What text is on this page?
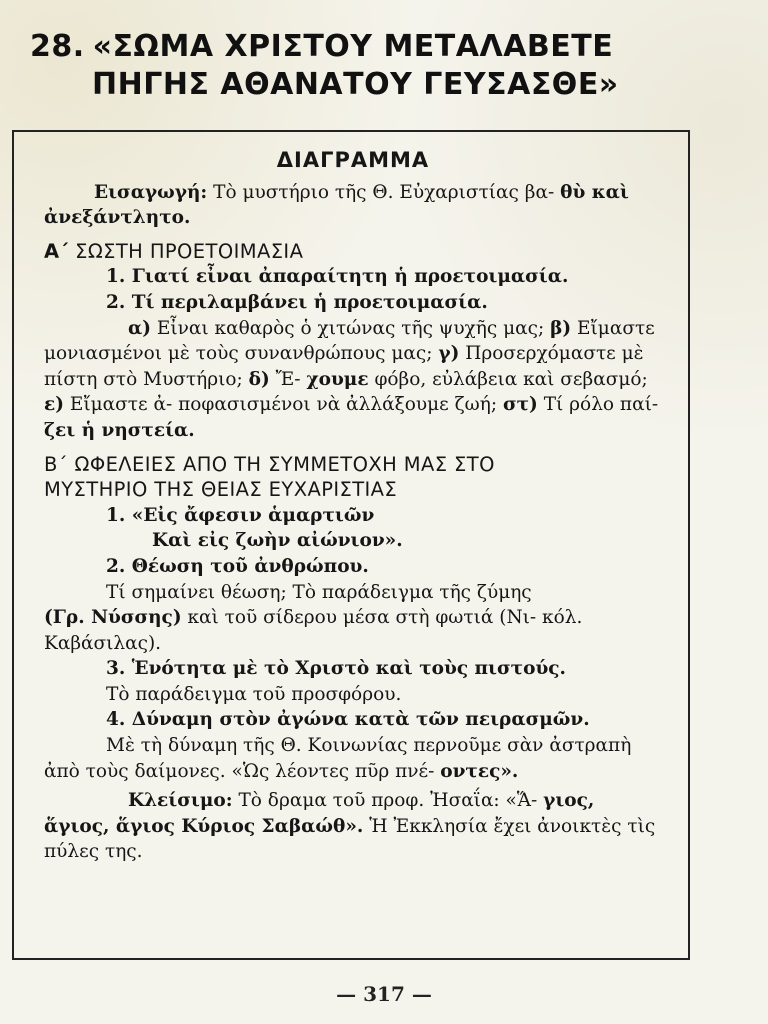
28. «ΣΩΜΑ ΧΡΙΣΤΟΥ ΜΕΤΑΛΑΒΕΤΕ
ΠΗΓΗΣ ΑΘΑΝΑΤΟΥ ΓΕΥΣΑΣΘΕ»

ΔΙΑΓΡΑΜΜΑ

Εισαγωγή: Τὸ μυστήριο τῆς Θ. Εὐχαριστίας βα- θὺ καὶ ἀνεξάντλητο.

Α΄ ΣΩΣΤΗ ΠΡΟΕΤΟΙΜΑΣΙΑ

1. Γιατί εἶναι ἀπαραίτητη ἡ προετοιμασία.

2. Τί περιλαμβάνει ἡ προετοιμασία.

α) Εἶναι καθαρὸς ὁ χιτώνας τῆς ψυχῆς μας; β) Εἴμαστε μονιασμένοι μὲ τοὺς συνανθρώπους μας; γ) Προσερχόμαστε μὲ πίστη στὸ Μυστήριο; δ) Ἔ- χουμε φόβο, εὐλάβεια καὶ σεβασμό; ε) Εἴμαστε ἀ- ποφασισμένοι νὰ ἀλλάξουμε ζωή; στ) Τί ρόλο παί- ζει ἡ νηστεία.

Β΄ ΩΦΕΛΕΙΕΣ ΑΠΟ ΤΗ ΣΥΜΜΕΤΟΧΗ ΜΑΣ ΣΤΟ
ΜΥΣΤΗΡΙΟ ΤΗΣ ΘΕΙΑΣ ΕΥΧΑΡΙΣΤΙΑΣ

1. «Εἰς ἄφεσιν ἁμαρτιῶν

Καὶ εἰς ζωὴν αἰώνιον».

2. Θέωση τοῦ ἀνθρώπου.

Τί σημαίνει θέωση; Τὸ παράδειγμα τῆς ζύμης

(Γρ. Νύσσης) καὶ τοῦ σίδερου μέσα στὴ φωτιά (Νι- κόλ. Καβάσιλας).

3. Ἑνότητα μὲ τὸ Χριστὸ καὶ τοὺς πιστούς.

Τὸ παράδειγμα τοῦ προσφόρου.

4. Δύναμη στὸν ἀγώνα κατὰ τῶν πειρασμῶν.

Μὲ τὴ δύναμη τῆς Θ. Κοινωνίας περνοῦμε σὰν ἀστραπὴ ἀπὸ τοὺς δαίμονες. «Ὡς λέοντες πῦρ πνέ- οντες».

Κλείσιμο: Τὸ δραμα τοῦ προφ. Ἠσαΐα: «Ἅ- γιος, ἅγιος, ἅγιος Κύριος Σαβαώθ». Ἡ Ἐκκλησία ἔχει ἀνοικτὲς τὶς πύλες της.

— 317 —
